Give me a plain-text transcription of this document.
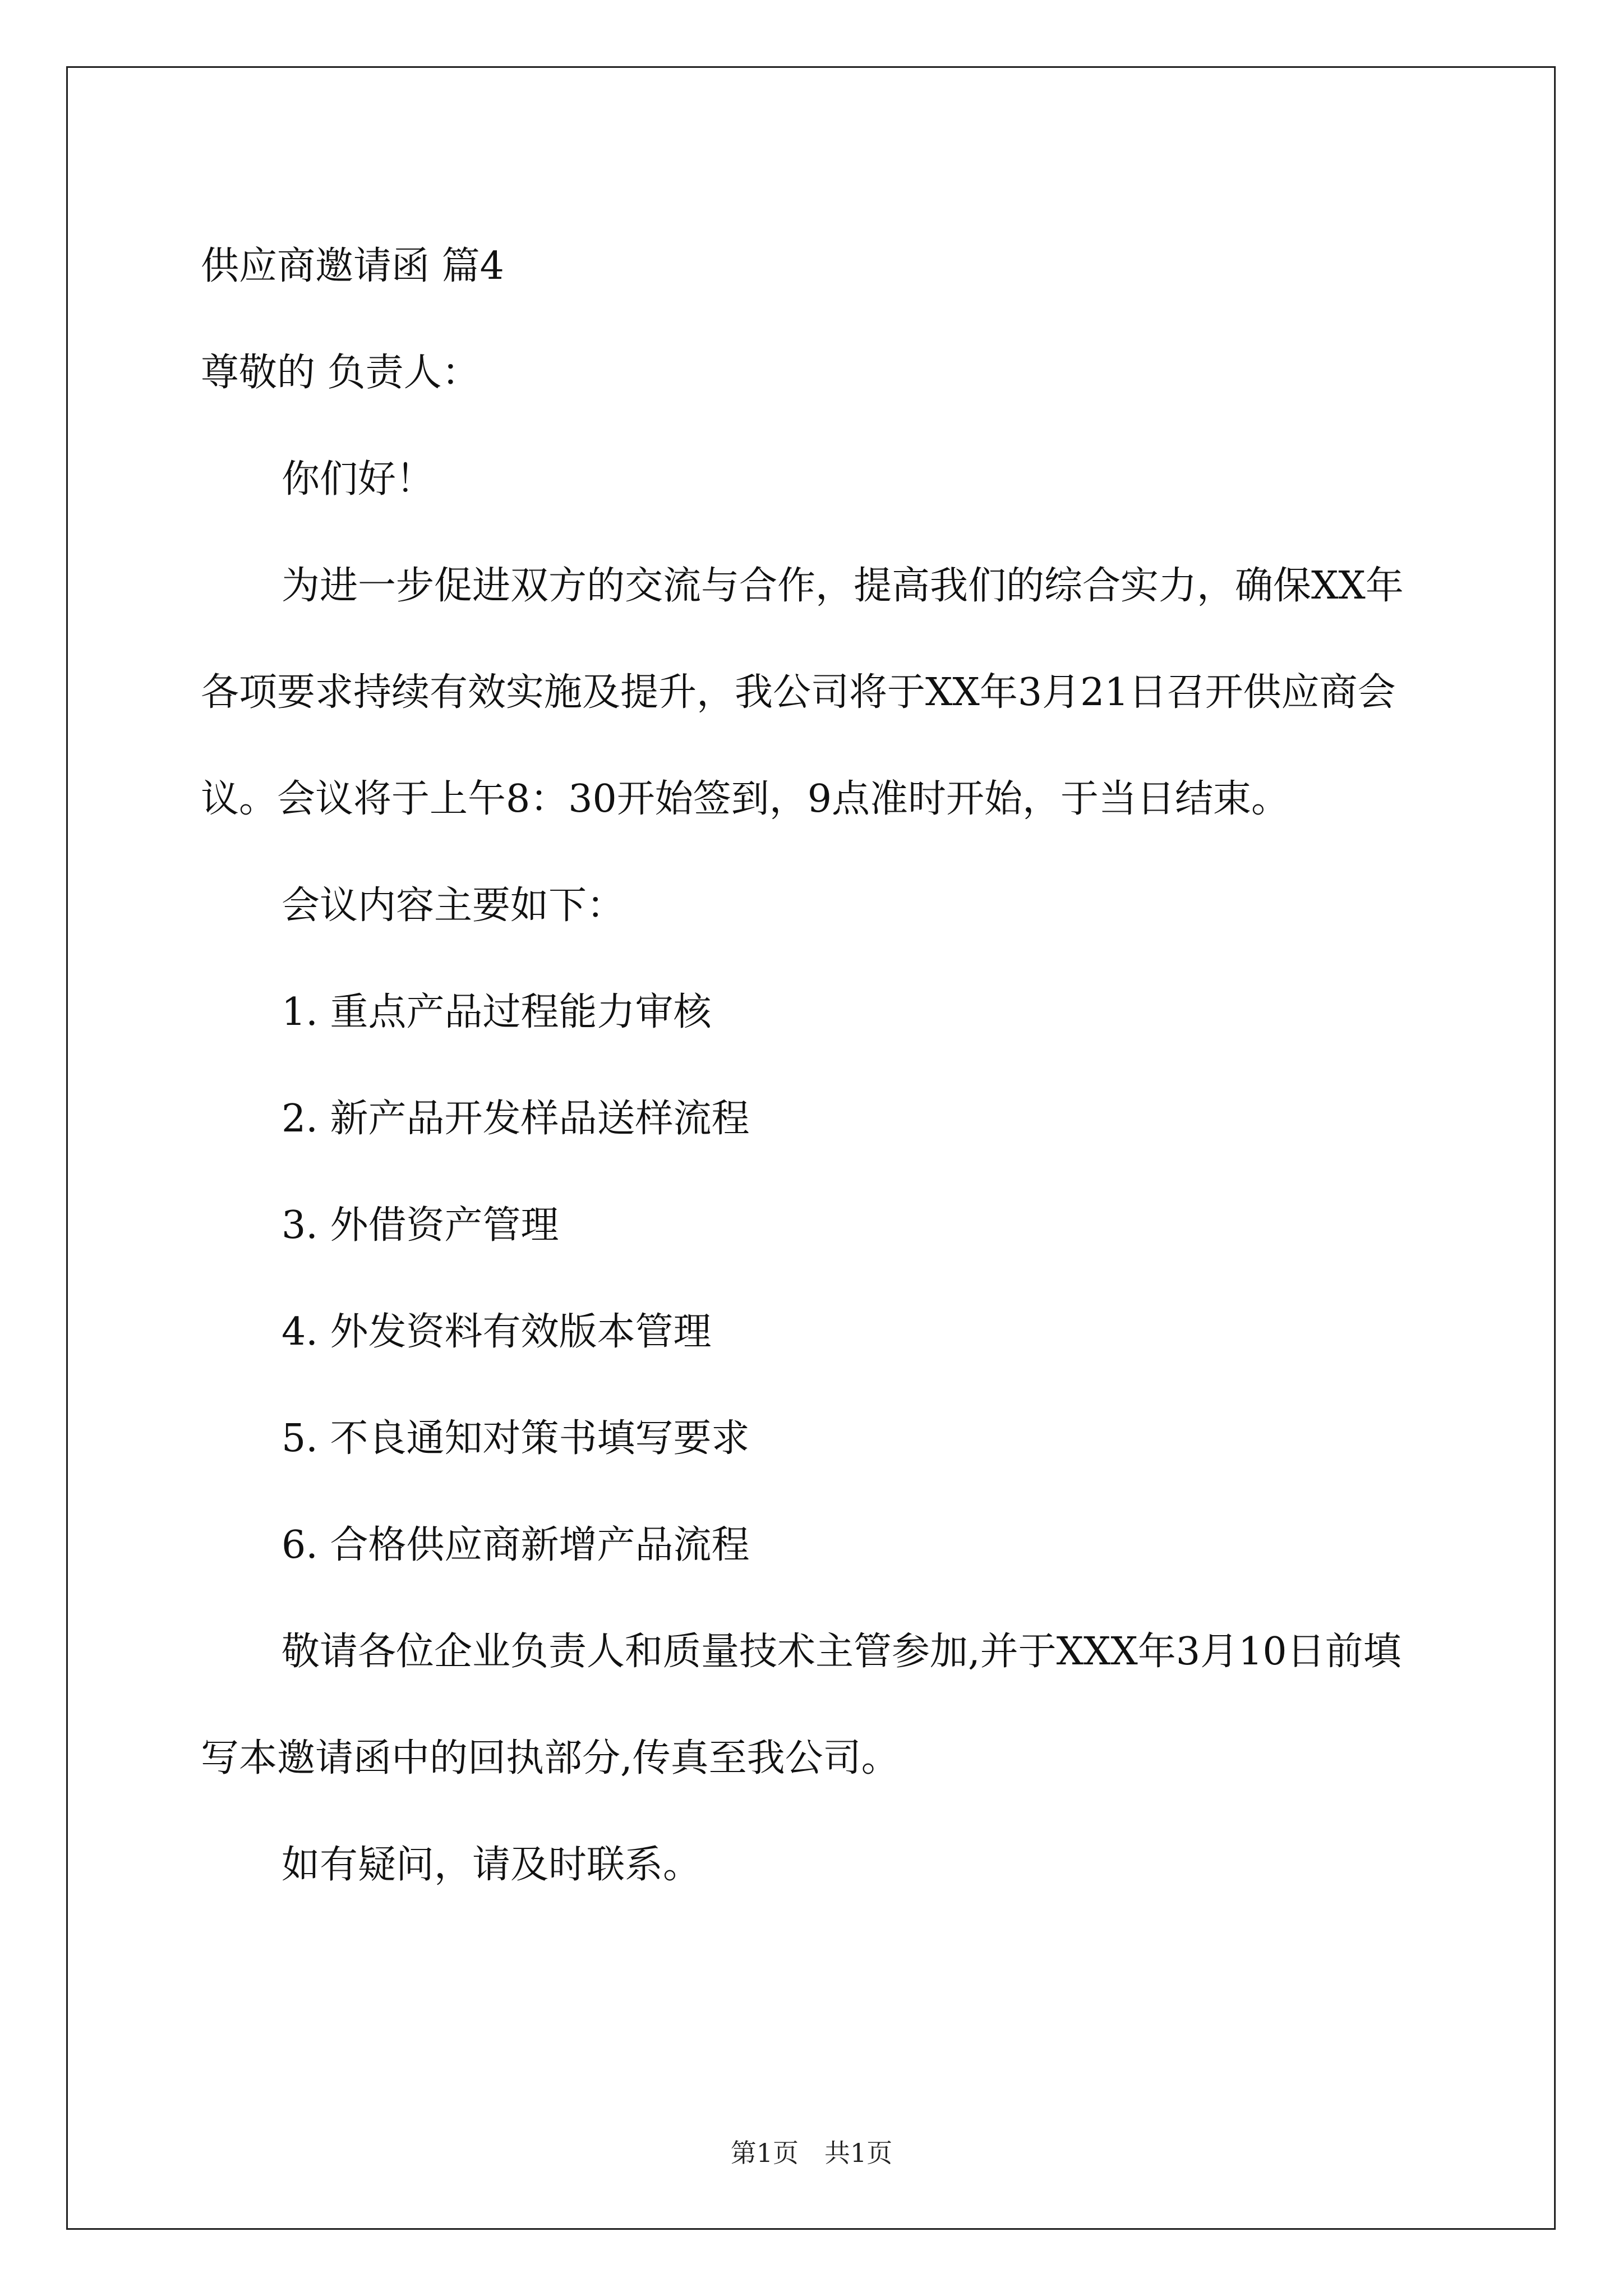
供应商邀请函 篇4

尊敬的 负责人：

你们好！

为进一步促进双方的交流与合作，提高我们的综合实力，确保XX年各项要求持续有效实施及提升，我公司将于XX年3月21日召开供应商会议。会议将于上午8：30开始签到，9点准时开始，于当日结束。

会议内容主要如下：

1. 重点产品过程能力审核

2. 新产品开发样品送样流程

3. 外借资产管理

4. 外发资料有效版本管理

5. 不良通知对策书填写要求

6. 合格供应商新增产品流程

敬请各位企业负责人和质量技术主管参加,并于XXX年3月10日前填写本邀请函中的回执部分,传真至我公司。

如有疑问，请及时联系。

第1页　共1页
